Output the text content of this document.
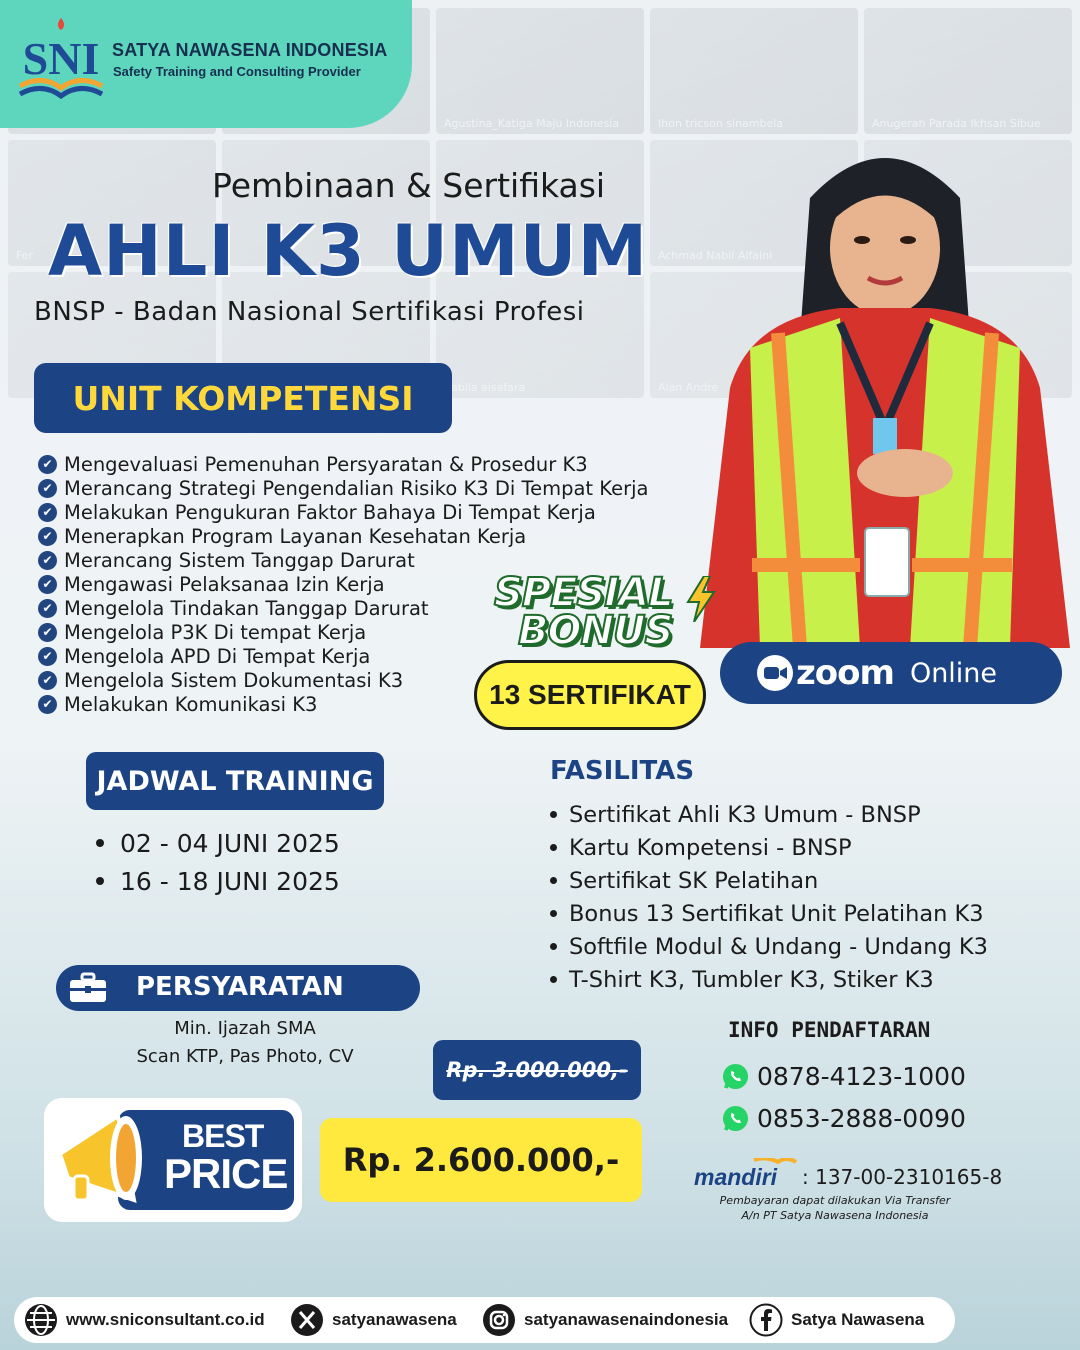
SNI SATYA NAWASENA INDONESIA
Safety Training and Consulting Provider
Pembinaan & Sertifikasi
AHLI K3 UMUM
BNSP - Badan Nasional Sertifikasi Profesi
UNIT KOMPETENSI
✔ Mengevaluasi Pemenuhan Persyaratan & Prosedur K3
✔ Merancang Strategi Pengendalian Risiko K3 Di Tempat Kerja
✔ Melakukan Pengukuran Faktor Bahaya Di Tempat Kerja
✔ Menerapkan Program Layanan Kesehatan Kerja
✔ Merancang Sistem Tanggap Darurat
✔ Mengawasi Pelaksanaa Izin Kerja
✔ Mengelola Tindakan Tanggap Darurat
✔ Mengelola P3K Di tempat Kerja
✔ Mengelola APD Di Tempat Kerja
✔ Mengelola Sistem Dokumentasi K3
✔ Melakukan Komunikasi K3
SPESIAL
BONUS
13 SERTIFIKAT
zoom Online
JADWAL TRAINING
02 - 04 JUNI 2025
16 - 18 JUNI 2025
FASILITAS
Sertifikat Ahli K3 Umum - BNSP
Kartu Kompetensi - BNSP
Sertifikat SK Pelatihan
Bonus 13 Sertifikat Unit Pelatihan K3
Softfile Modul & Undang - Undang K3
T-Shirt K3, Tumbler K3, Stiker K3
PERSYARATAN
Min. Ijazah SMA
Scan KTP, Pas Photo, CV
Rp. 3.000.000,-
Rp. 2.600.000,-
BEST
PRICE
INFO PENDAFTARAN
0878-4123-1000
0853-2888-0090
mandiri : 137-00-2310165-8
Pembayaran dapat dilakukan Via Transfer
A/n PT Satya Nawasena Indonesia
www.sniconsultant.co.id	satyanawasena	satyanawasenaindonesia	Satya Nawasena
